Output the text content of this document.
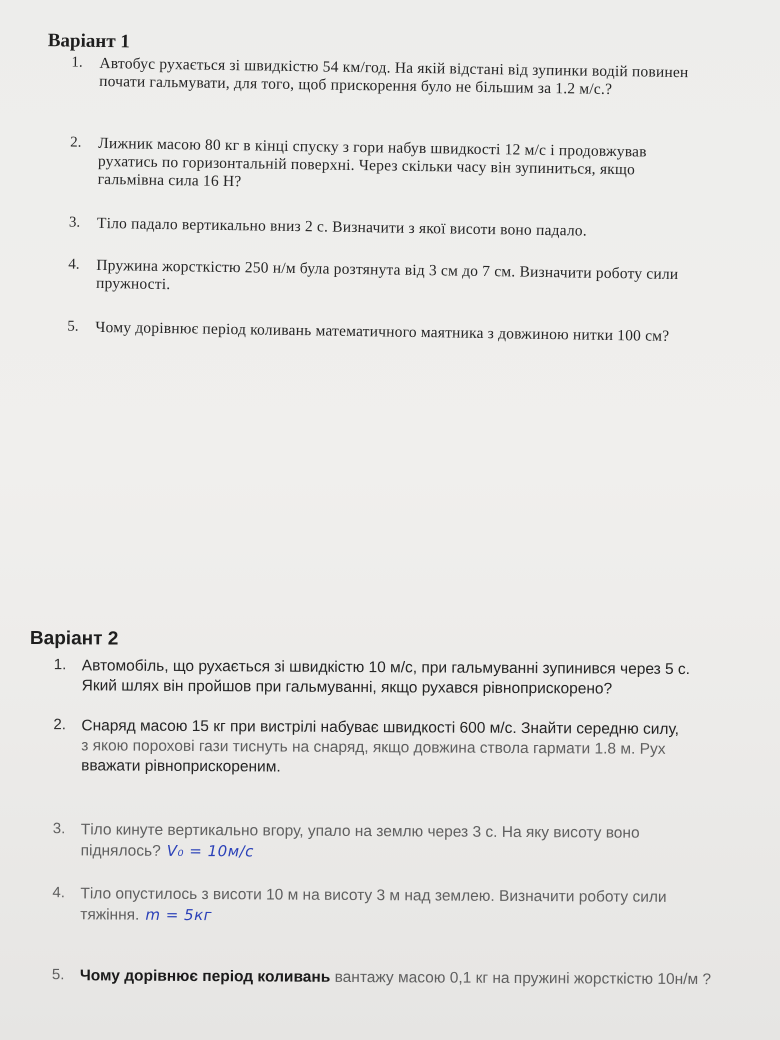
Варіант 1
1. Автобус рухається зі швидкістю 54 км/год. На якій відстані від зупинки водій повинен почати гальмувати, для того, щоб прискорення було не більшим за 1.2 м/с.?
2. Лижник масою 80 кг в кінці спуску з гори набув швидкості 12 м/с і продовжував рухатись по горизонтальній поверхні. Через скільки часу він зупиниться, якщо гальмівна сила 16 Н?
3. Тіло падало вертикально вниз 2 с. Визначити з якої висоти воно падало.
4. Пружина жорсткістю 250 н/м була розтянута від 3 см до 7 см. Визначити роботу сили пружності.
5. Чому дорівнює період коливань математичного маятника з довжиною нитки 100 см?
Варіант 2
1. Автомобіль, що рухається зі швидкістю 10 м/с, при гальмуванні зупинився через 5 с. Який шлях він пройшов при гальмуванні, якщо рухався рівноприскорено?
2. Снаряд масою 15 кг при вистрілі набуває швидкості 600 м/с. Знайти середню силу,
з якою порохові гази тиснуть на снаряд, якщо довжина ствола гармати 1.8 м. Рух
вважати рівноприскореним.
3. Тіло кинуте вертикально вгору, упало на землю через 3 с. На яку висоту воно піднялось? V₀ = 10м/с
4. Тіло опустилось з висоти 10 м на висоту 3 м над землею. Визначити роботу сили тяжіння. m = 5кг
5. Чому дорівнює період коливань вантажу масою 0,1 кг на пружині жорсткістю 10н/м ?
